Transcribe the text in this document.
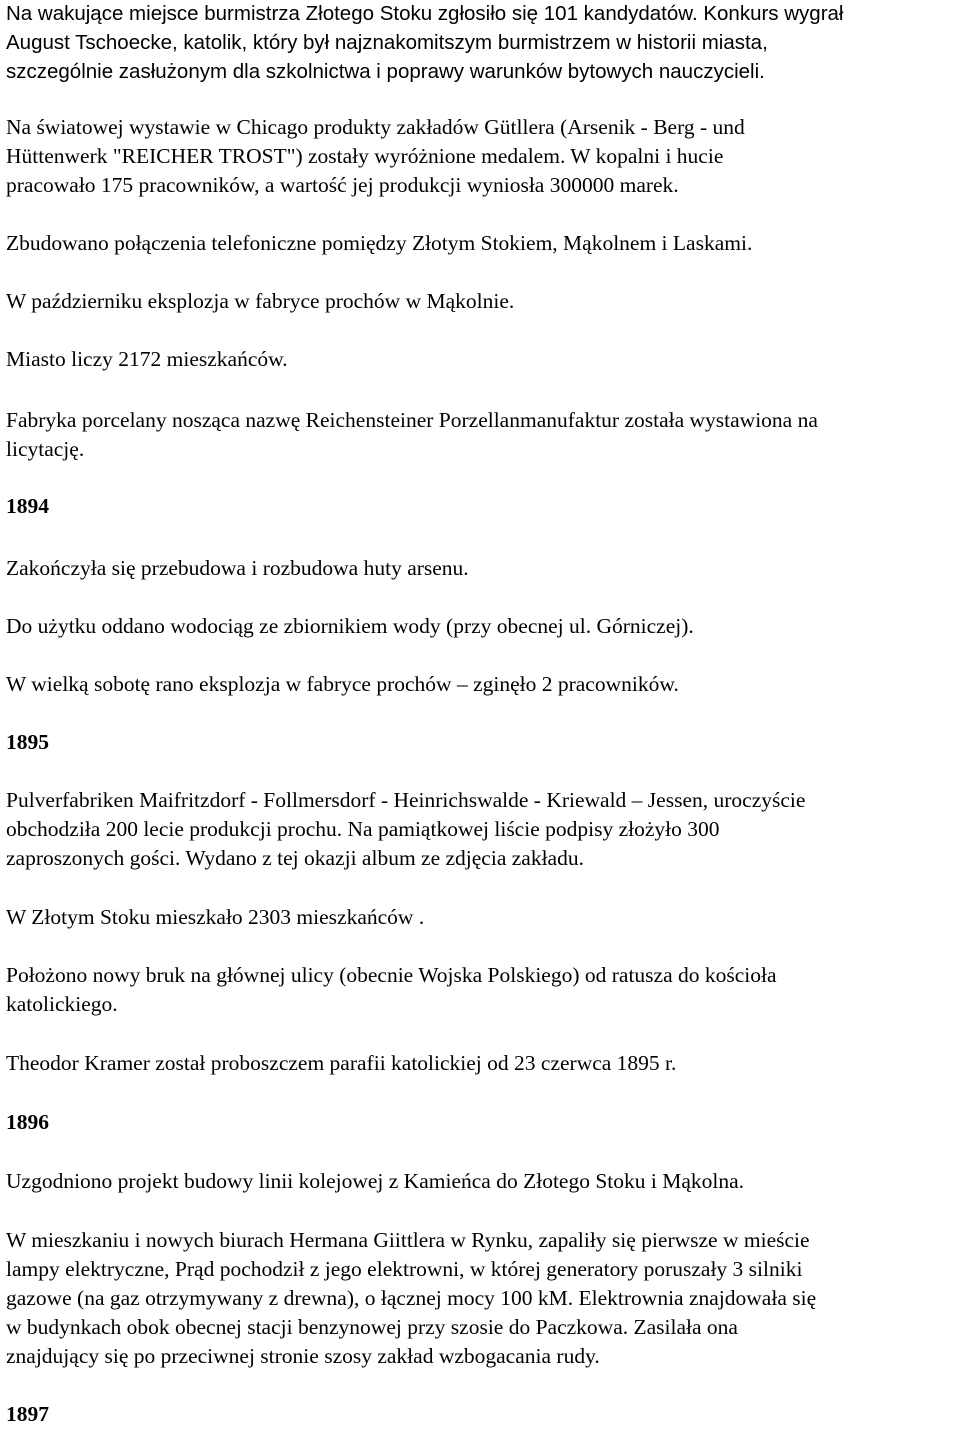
Na wakujące miejsce burmistrza Złotego Stoku zgłosiło się 101 kandydatów. Konkurs wygrał
August Tschoecke, katolik, który był najznakomitszym burmistrzem w historii miasta,
szczególnie zasłużonym dla szkolnictwa i poprawy warunków bytowych nauczycieli.
Na światowej wystawie w Chicago produkty zakładów Gütllera (Arsenik - Berg - und
Hüttenwerk "REICHER TROST") zostały wyróżnione medalem. W kopalni i hucie
pracowało 175 pracowników, a wartość jej produkcji wyniosła 300000 marek.
Zbudowano połączenia telefoniczne pomiędzy Złotym Stokiem, Mąkolnem i Laskami.
W październiku eksplozja w fabryce prochów w Mąkolnie.
Miasto liczy 2172 mieszkańców.
Fabryka porcelany nosząca nazwę Reichensteiner Porzellanmanufaktur została wystawiona na
licytację.
1894
Zakończyła się przebudowa i rozbudowa huty arsenu.
Do użytku oddano wodociąg ze zbiornikiem wody (przy obecnej ul. Górniczej).
W wielką sobotę rano eksplozja w fabryce prochów – zginęło 2 pracowników.
1895
Pulverfabriken Maifritzdorf - Follmersdorf - Heinrichswalde - Kriewald – Jessen, uroczyście
obchodziła 200 lecie produkcji prochu. Na pamiątkowej liście podpisy złożyło 300
zaproszonych gości. Wydano z tej okazji album ze zdjęcia zakładu.
W Złotym Stoku mieszkało 2303 mieszkańców .
Położono nowy bruk na głównej ulicy (obecnie Wojska Polskiego) od ratusza do kościoła
katolickiego.
Theodor Kramer został proboszczem parafii katolickiej od 23 czerwca 1895 r.
1896
Uzgodniono projekt budowy linii kolejowej z Kamieńca do Złotego Stoku i Mąkolna.
W mieszkaniu i nowych biurach Hermana Giittlera w Rynku, zapaliły się pierwsze w mieście
lampy elektryczne, Prąd pochodził z jego elektrowni, w której generatory poruszały 3 silniki
gazowe (na gaz otrzymywany z drewna), o łącznej mocy 100 kM. Elektrownia znajdowała się
w budynkach obok obecnej stacji benzynowej przy szosie do Paczkowa. Zasilała ona
znajdujący się po przeciwnej stronie szosy zakład wzbogacania rudy.
1897
